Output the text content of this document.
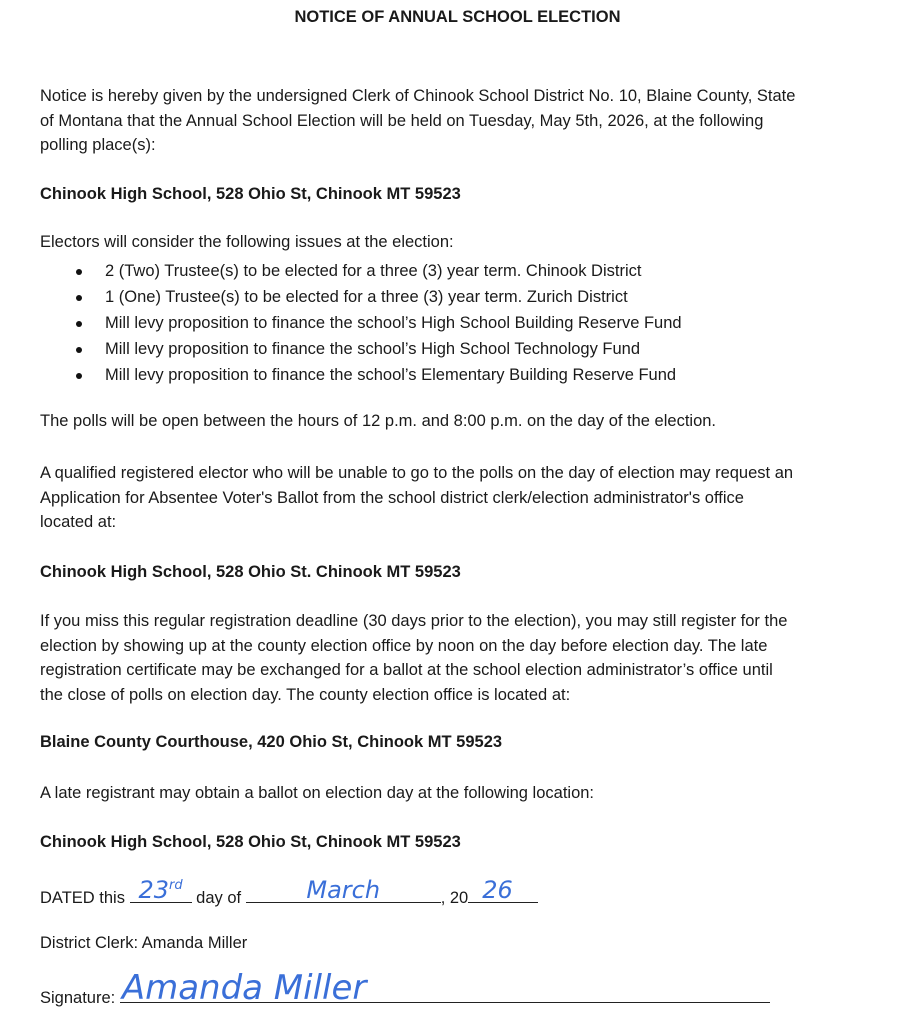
NOTICE OF ANNUAL SCHOOL ELECTION
Notice is hereby given by the undersigned Clerk of Chinook School District No. 10, Blaine County, State
of Montana that the Annual School Election will be held on Tuesday, May 5th, 2026, at the following
polling place(s):
Chinook High School, 528 Ohio St, Chinook MT 59523
Electors will consider the following issues at the election:
2 (Two) Trustee(s) to be elected for a three (3) year term. Chinook District
1 (One) Trustee(s) to be elected for a three (3) year term. Zurich District
Mill levy proposition to finance the school’s High School Building Reserve Fund
Mill levy proposition to finance the school’s High School Technology Fund
Mill levy proposition to finance the school’s Elementary Building Reserve Fund
The polls will be open between the hours of 12 p.m. and 8:00 p.m. on the day of the election.
A qualified registered elector who will be unable to go to the polls on the day of election may request an
Application for Absentee Voter's Ballot from the school district clerk/election administrator's office
located at:
Chinook High School, 528 Ohio St. Chinook MT 59523
If you miss this regular registration deadline (30 days prior to the election), you may still register for the
election by showing up at the county election office by noon on the day before election day. The late
registration certificate may be exchanged for a ballot at the school election administrator’s office until
the close of polls on election day. The county election office is located at:
Blaine County Courthouse, 420 Ohio St, Chinook MT 59523
A late registrant may obtain a ballot on election day at the following location:
Chinook High School, 528 Ohio St, Chinook MT 59523
DATED this 23rd
day of	March	, 20 26
District Clerk: Amanda Miller
Signature: Amanda Miller
